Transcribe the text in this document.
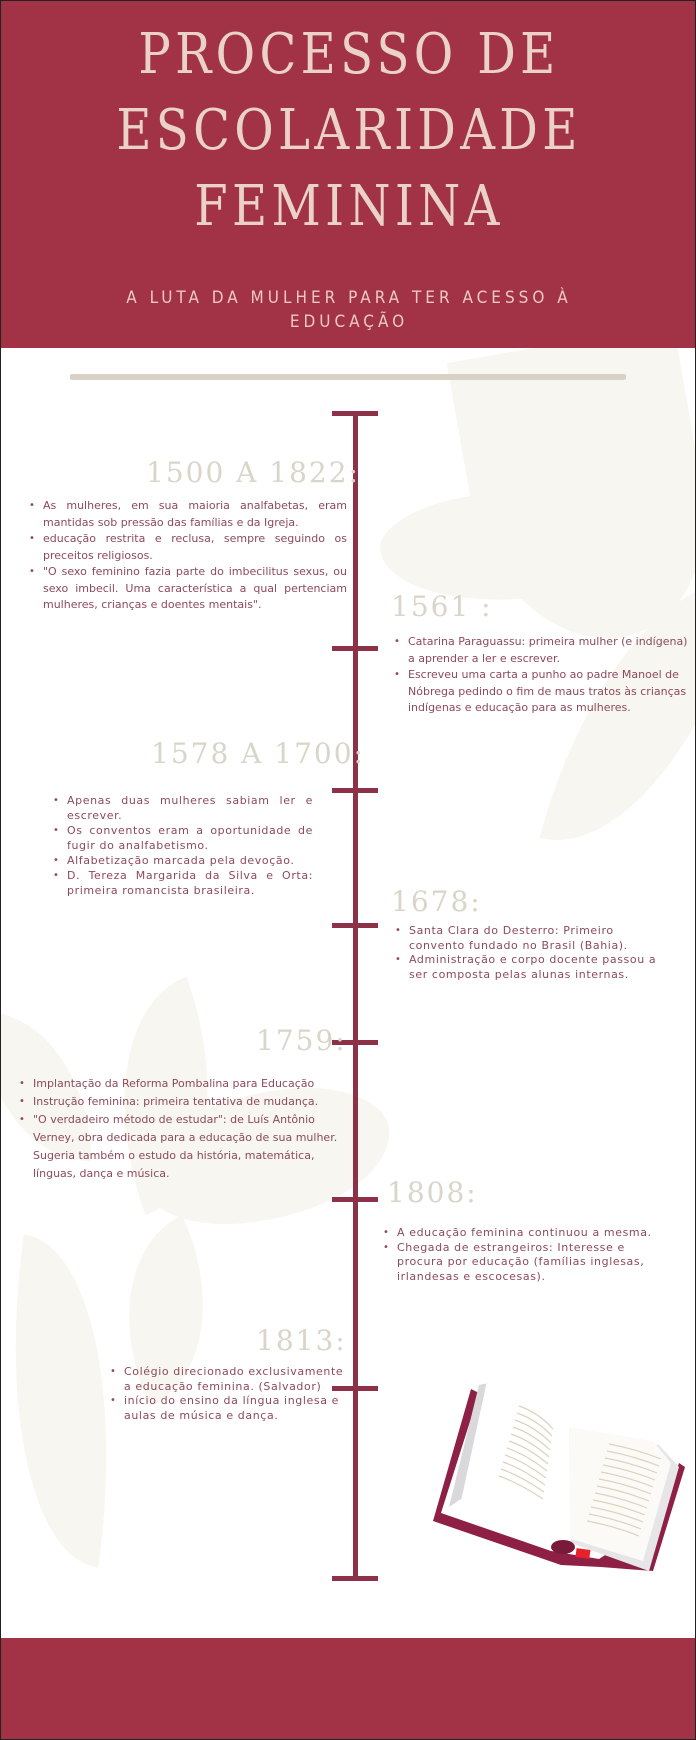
PROCESSO DE
ESCOLARIDADE
FEMININA
A LUTA DA MULHER PARA TER ACESSO À EDUCAÇÃO
1500 A 1822:
• As mulheres, em sua maioria analfabetas, eram mantidas sob pressão das famílias e da Igreja.
• educação restrita e reclusa, sempre seguindo os preceitos religiosos.
• "O sexo feminino fazia parte do imbecilitus sexus, ou sexo imbecil. Uma característica a qual pertenciam mulheres, crianças e doentes mentais".	1561 :
• Catarina Paraguassu: primeira mulher (e indígena) a aprender a ler e escrever.
• Escreveu uma carta a punho ao padre Manoel de Nóbrega pedindo o fim de maus tratos às crianças indígenas e educação para as mulheres.
1578 A 1700:
• Apenas duas mulheres sabiam ler e escrever.
• Os conventos eram a oportunidade de fugir do analfabetismo.
• Alfabetização marcada pela devoção.
• D. Tereza Margarida da Silva e Orta: primeira romancista brasileira.	1678:
• Santa Clara do Desterro: Primeiro convento fundado no Brasil (Bahia).
• Administração e corpo docente passou a ser composta pelas alunas internas.
1759:
• Implantação da Reforma Pombalina para Educação
• Instrução feminina: primeira tentativa de mudança.
• "O verdadeiro método de estudar": de Luís Antônio Verney, obra dedicada para a educação de sua mulher. Sugeria também o estudo da história, matemática, línguas, dança e música.
1808:
• A educação feminina continuou a mesma.
• Chegada de estrangeiros: Interesse e procura por educação (famílias inglesas, irlandesas e escocesas).
1813:
• Colégio direcionado exclusivamente a educação feminina. (Salvador)
• início do ensino da língua inglesa e aulas de música e dança.
